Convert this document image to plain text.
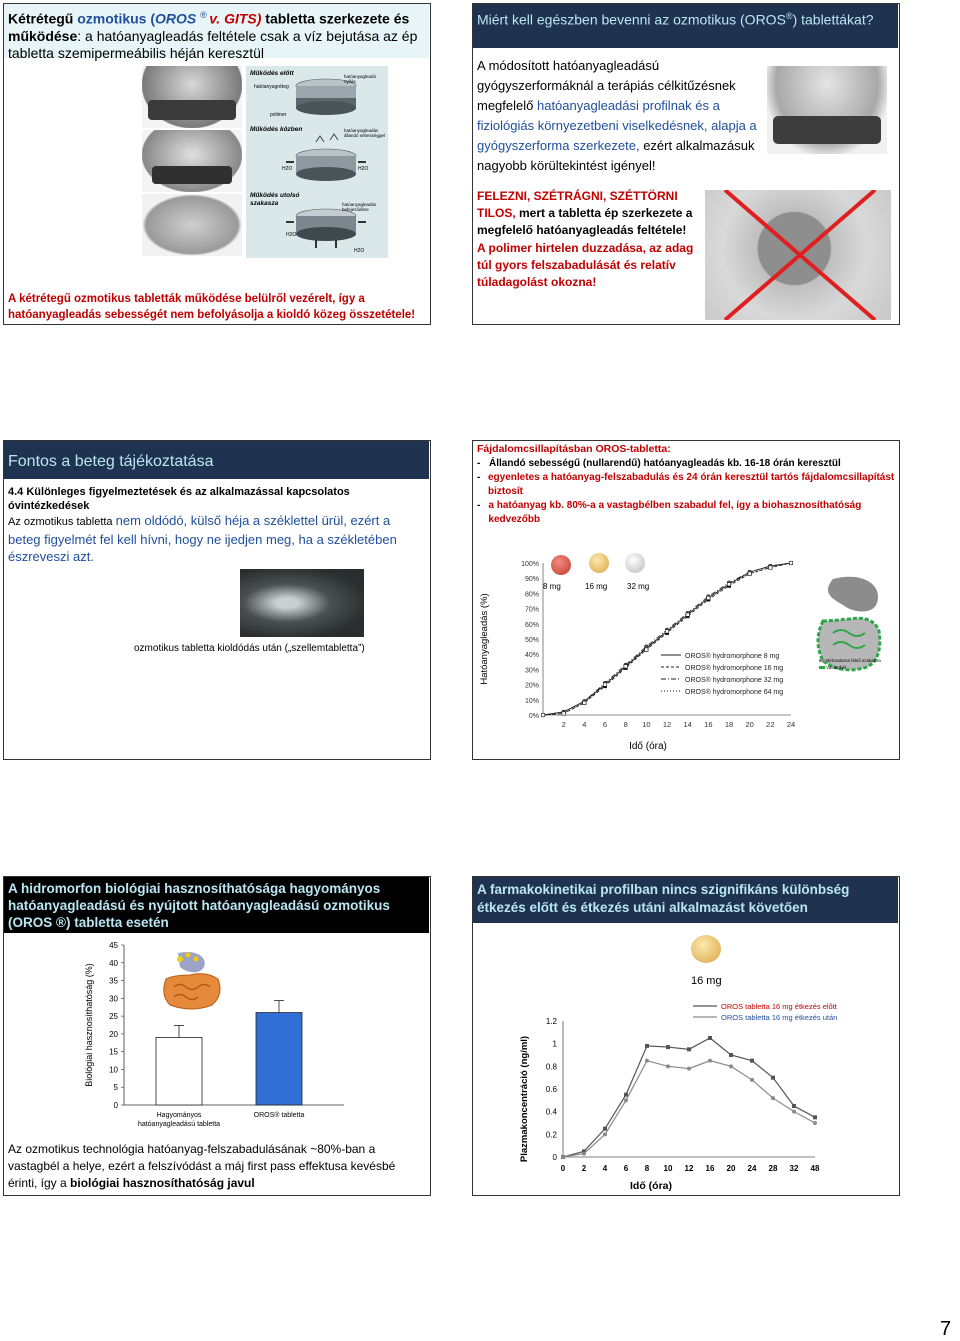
Kétrétegű ozmotikus (OROS ® v. GITS) tabletta szerkezete és működése: a hatóanyagleadás feltétele csak a víz bejutása az ép tabletta szemipermeábilis héján keresztül
Működés előtt
hatóanyagréteg
polimer
hatóanyagleadó nyílás
Működés közben	hatóanyagleadás állandó sebességgel
H2O	H2O
Működés utolsó szakasza	hatóanyagleadás befejeződése
H2O
H2O
A kétrétegű ozmotikus tabletták működése belülről vezérelt, így a hatóanyagleadás sebességét nem befolyásolja a kioldó közeg összetétele!
Miért kell egészben bevenni az ozmotikus (OROS®) tablettákat?
A módosított hatóanyagleadású gyógyszerformáknál a terápiás célkitűzésnek megfelelő hatóanyagleadási profilnak és a fiziológiás környezetbeni viselkedésnek, alapja a gyógyszerforma szerkezete, ezért alkalmazásuk nagyobb körültekintést igényel!
FELEZNI, SZÉTRÁGNI, SZÉTTÖRNI TILOS, mert a tabletta ép szerkezete a megfelelő hatóanyagleadás feltétele!
A polimer hirtelen duzzadása, az adag túl gyors felszabadulását és relatív túladagolást okozna!
Fontos a beteg tájékoztatása
4.4 Különleges figyelmeztetések és az alkalmazással kapcsolatos óvintézkedések
Az ozmotikus tabletta nem oldódó, külső héja a széklettel ürül, ezért a beteg figyelmét fel kell hívni, hogy ne ijedjen meg, ha a székletében észreveszi azt.
ozmotikus tabletta kioldódás után („szellemtabletta”)
Fájdalomcsillapításban OROS-tabletta:
- Állandó sebességű (nullarendű) hatóanyagleadás kb. 16-18 órán keresztül
- egyenletes a hatóanyag-felszabadulás és 24 órán keresztül tartós fájdalomcsillapítást biztosít
- a hatóanyag kb. 80%-a a vastagbélben szabadul fel, így a biohasznosíthatóság kedvezőbb
0%
10%
20%
30%
40%
50%
60%
70%
80%
90%
100%
2 4 6 8 10 12 14 16 18 20 22 24
Hatóanyagleadás (%)
Idő (óra)
OROS® hydromorphone 8 mg
OROS® hydromorphone 16 mg
OROS® hydromorphone 32 mg
OROS® hydromorphone 64 mg
8 mg	16 mg 32 mg
Bélcsatorna felső szakasza
Vastagbél
A hidromorfon biológiai hasznosíthatósága hagyományos hatóanyagleadású és nyújtott hatóanyagleadású ozmotikus (OROS ®) tabletta esetén
0
5
10
15
20
25
30
35
40
45
Biológiai hasznosíthatóság (%)
Hagyományos
hatóanyagleadású tabletta
OROS® tabletta
Az ozmotikus technológia hatóanyag-felszabadulásának ~80%-ban a vastagbél a helye, ezért a felszívódást a máj first pass effektusa kevésbé érinti, így a biológiai hasznosíthatóság javul
A farmakokinetikai profilban nincs szignifikáns különbség étkezés előtt és étkezés utáni alkalmazást követően
16 mg
0
0.2
0.4
0.6
0.8
1
1.2
0 2 4 6 8 10 12 16 20 24 28 32 48
Plazmakoncentráció (ng/ml)
Idő (óra)
OROS tabletta 16 mg étkezés előtt
OROS tabletta 16 mg étkezés után
7
